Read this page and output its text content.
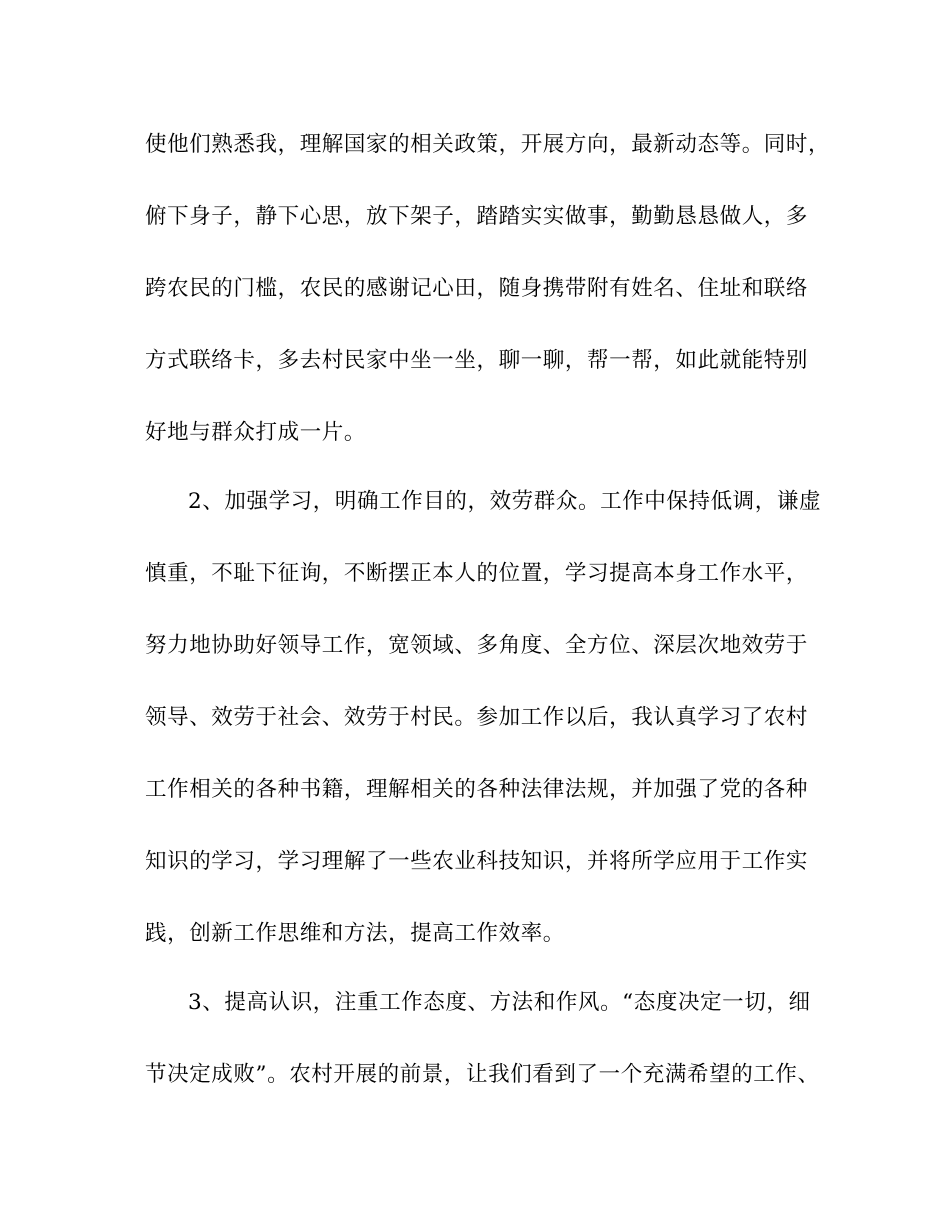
使他们熟悉我，理解国家的相关政策，开展方向，最新动态等。同时，
俯下身子，静下心思，放下架子，踏踏实实做事，勤勤恳恳做人，多
跨农民的门槛，农民的感谢记心田，随身携带附有姓名、住址和联络
方式联络卡，多去村民家中坐一坐，聊一聊，帮一帮，如此就能特别
好地与群众打成一片。
2、加强学习，明确工作目的，效劳群众。工作中保持低调，谦虚
慎重，不耻下征询，不断摆正本人的位置，学习提高本身工作水平，
努力地协助好领导工作，宽领域、多角度、全方位、深层次地效劳于
领导、效劳于社会、效劳于村民。参加工作以后，我认真学习了农村
工作相关的各种书籍，理解相关的各种法律法规，并加强了党的各种
知识的学习，学习理解了一些农业科技知识，并将所学应用于工作实
践，创新工作思维和方法，提高工作效率。
3、提高认识，注重工作态度、方法和作风。“态度决定一切，细
节决定成败”。农村开展的前景，让我们看到了一个充满希望的工作、
